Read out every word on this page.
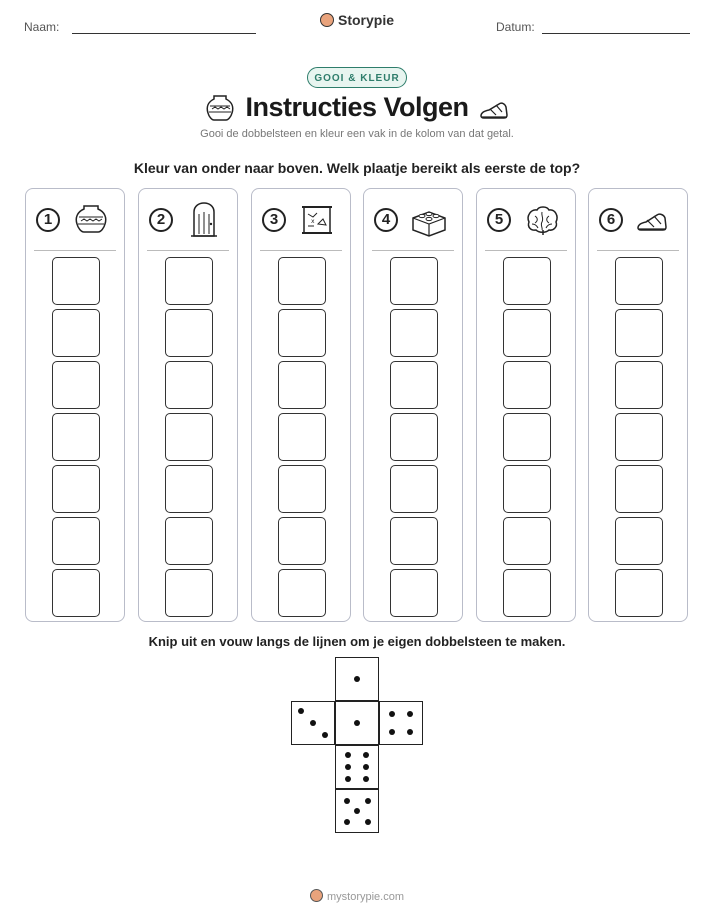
Naam:	Storypie	Datum:
GOOI & KLEUR
Instructies Volgen
Gooi de dobbelsteen en kleur een vak in de kolom van dat getal.
Kleur van onder naar boven. Welk plaatje bereikt als eerste de top?
1	2	3	x	4	5	6
Knip uit en vouw langs de lijnen om je eigen dobbelsteen te maken.
mystorypie.com
